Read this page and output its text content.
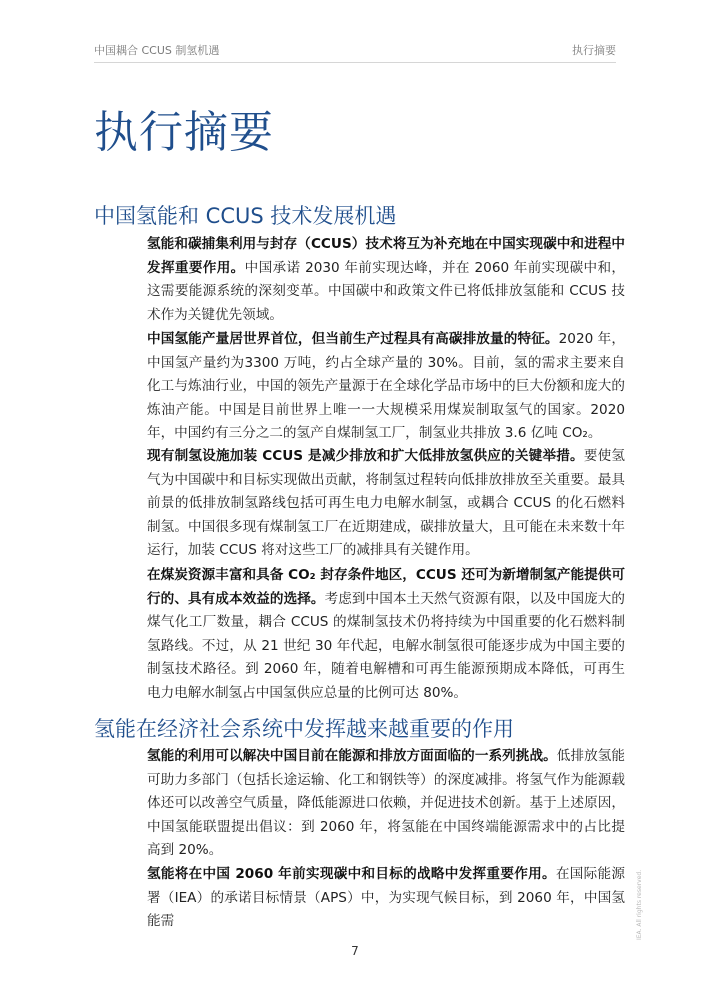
中国耦合 CCUS 制氢机遇	执行摘要
执行摘要
中国氢能和 CCUS 技术发展机遇

氢能和碳捕集利用与封存（CCUS）技术将互为补充地在中国实现碳中和进程中发挥重要作用。中国承诺 2030 年前实现达峰，并在 2060 年前实现碳中和，这需要能源系统的深刻变革。中国碳中和政策文件已将低排放氢能和 CCUS 技术作为关键优先领域。

中国氢能产量居世界首位，但当前生产过程具有高碳排放量的特征。2020 年，中国氢产量约为3300 万吨，约占全球产量的 30%。目前，氢的需求主要来自化工与炼油行业，中国的领先产量源于在全球化学品市场中的巨大份额和庞大的炼油产能。中国是目前世界上唯一一大规模采用煤炭制取氢气的国家。2020 年，中国约有三分之二的氢产自煤制氢工厂，制氢业共排放 3.6 亿吨 CO₂。

现有制氢设施加装 CCUS 是减少排放和扩大低排放氢供应的关键举措。要使氢气为中国碳中和目标实现做出贡献，将制氢过程转向低排放排放至关重要。最具前景的低排放制氢路线包括可再生电力电解水制氢，或耦合 CCUS 的化石燃料制氢。中国很多现有煤制氢工厂在近期建成，碳排放量大，且可能在未来数十年运行，加装 CCUS 将对这些工厂的减排具有关键作用。

在煤炭资源丰富和具备 CO₂ 封存条件地区，CCUS 还可为新增制氢产能提供可行的、具有成本效益的选择。考虑到中国本土天然气资源有限，以及中国庞大的煤气化工厂数量，耦合 CCUS 的煤制氢技术仍将持续为中国重要的化石燃料制氢路线。不过，从 21 世纪 30 年代起，电解水制氢很可能逐步成为中国主要的制氢技术路径。到 2060 年，随着电解槽和可再生能源预期成本降低，可再生电力电解水制氢占中国氢供应总量的比例可达 80%。

氢能在经济社会系统中发挥越来越重要的作用

氢能的利用可以解决中国目前在能源和排放方面面临的一系列挑战。低排放氢能可助力多部门（包括长途运输、化工和钢铁等）的深度减排。将氢气作为能源载体还可以改善空气质量，降低能源进口依赖，并促进技术创新。基于上述原因，中国氢能联盟提出倡议：到 2060 年，将氢能在中国终端能源需求中的占比提高到 20%。

氢能将在中国 2060 年前实现碳中和目标的战略中发挥重要作用。在国际能源署（IEA）的承诺目标情景（APS）中，为实现气候目标，到 2060 年，中国氢能需

7
IEA. All rights reserved.
